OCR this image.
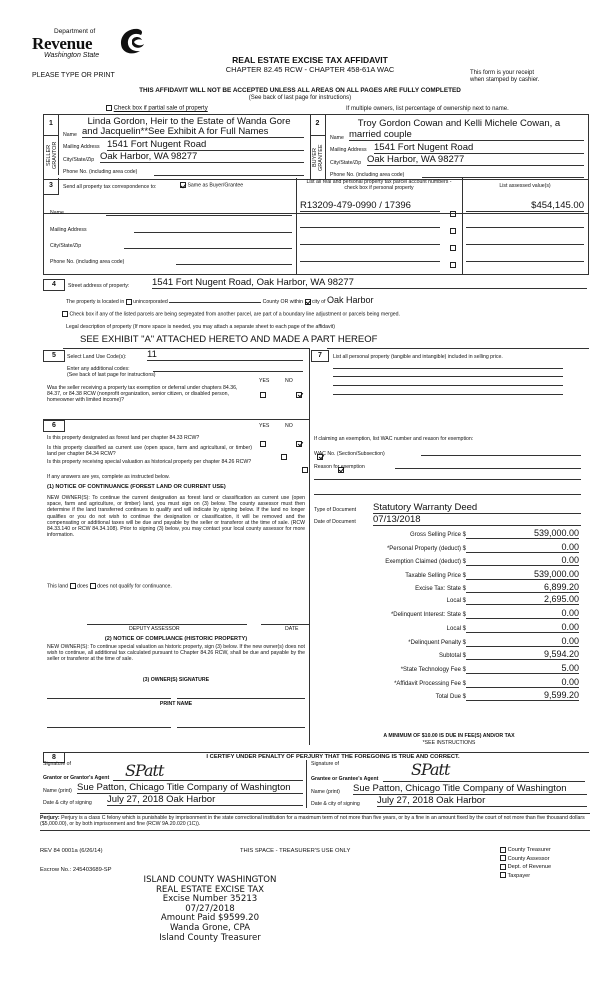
Department of
Revenue
Washington State
PLEASE TYPE OR PRINT
REAL ESTATE EXCISE TAX AFFIDAVIT
CHAPTER 82.45 RCW - CHAPTER 458-61A WAC	This form is your receipt
when stamped by cashier.
THIS AFFIDAVIT WILL NOT BE ACCEPTED UNLESS ALL AREAS ON ALL PAGES ARE FULLY COMPLETED
(See back of last page for instructions)
Check box if partial sale of property	If multiple owners, list percentage of ownership next to name.
1
SELLER GRANTOR
Linda Gordon, Heir to the Estate of Wanda Gore
Name and Jacquelin**See Exhibit A for Full Names
Mailing Address 1541 Fort Nugent Road
City/State/Zip Oak Harbor, WA 98277
Phone No. (including area code)
2
BUYER GRANTEE
Troy Gordon Cowan and Kelli Michele Cowan, a
Name married couple
Mailing Address 1541 Fort Nugent Road
City/State/Zip Oak Harbor, WA 98277
Phone No. (including area code)
3	Send all property tax correspondence to:	Same as Buyer/Grantee
Name
Mailing Address
City/State/Zip
Phone No. (including area code)
List all real and personal property tax parcel account numbers - check box if personal property	List assessed value(s)
R13209-479-0990 / 17396	$454,145.00
4	Street address of property: 1541 Fort Nugent Road, Oak Harbor, WA 98277
The property is located in unincorporated	County OR within city of Oak Harbor
Check box if any of the listed parcels are being segregated from another parcel, are part of a boundary line adjustment or parcels being merged.
Legal description of property (If more space is needed, you may attach a separate sheet to each page of the affidavit)
SEE EXHIBIT "A" ATTACHED HERETO AND MADE A PART HEREOF
5	Select Land Use Code(s): 11
Enter any additional codes:
(See back of last page for instructions)
YES	NO
Was the seller receiving a property tax exemption or deferral under chapters 84.36, 84.37, or 84.38 RCW (nonprofit organization, senior citizen, or disabled person, homeowner with limited income)?

6	YES	NO
Is this property designated as forest land per chapter 84.33 RCW?

Is this property classified as current use (open space, farm and agricultural, or timber) land per chapter 84.34 RCW?

Is this property receiving special valuation as historical property per chapter 84.26 RCW?

If any answers are yes, complete as instructed below.
(1) NOTICE OF CONTINUANCE (FOREST LAND OR CURRENT USE)
NEW OWNER(S): To continue the current designation as forest land or classification as current use (open space, farm and agriculture, or timber) land, you must sign on (3) below. The county assessor must then determine if the land transferred continues to qualify and will indicate by signing below. If the land no longer qualifies or you do not wish to continue the designation or classification, it will be removed and the compensating or additional taxes will be due and payable by the seller or transferor at the time of sale. (RCW 84.33.140 or RCW 84.34.108). Prior to signing (3) below, you may contact your local county assessor for more information.
This land does does not qualify for continuance.
DEPUTY ASSESSOR	DATE
(2) NOTICE OF COMPLIANCE (HISTORIC PROPERTY)
NEW OWNER(S): To continue special valuation as historic property, sign (3) below. If the new owner(s) does not wish to continue, all additional tax calculated pursuant to Chapter 84.26 RCW, shall be due and payable by the seller or transferor at the time of sale.
(3) OWNER(S) SIGNATURE
PRINT NAME
7	List all personal property (tangible and intangible) included in selling price.
If claiming an exemption, list WAC number and reason for exemption:
WAC No. (Section/Subsection)
Reason for exemption
Type of Document Statutory Warranty Deed
Date of Document 07/13/2018
Gross Selling Price $	539,000.00
*Personal Property (deduct) $	0.00
Exemption Claimed (deduct) $	0.00
Taxable Selling Price $	539,000.00
Excise Tax: State $	6,899.20
Local $	2,695.00
*Delinquent Interest: State $	0.00
Local $	0.00
*Delinquent Penalty $	0.00
Subtotal $	9,594.20
*State Technology Fee $	5.00
*Affidavit Processing Fee $	0.00
Total Due $	9,599.20
A MINIMUM OF $10.00 IS DUE IN FEE(S) AND/OR TAX
*SEE INSTRUCTIONS
8	I CERTIFY UNDER PENALTY OF PERJURY THAT THE FOREGOING IS TRUE AND CORRECT.
Signature of
Grantor or Grantor's Agent SPatt
Name (print) Sue Patton, Chicago Title Company of Washington
Date & city of signing July 27, 2018 Oak Harbor
Signature of
Grantee or Grantee's Agent SPatt
Name (print) Sue Patton, Chicago Title Company of Washington
Date & city of signing July 27, 2018 Oak Harbor
Perjury: Perjury is a class C felony which is punishable by imprisonment in the state correctional institution for a maximum term of not more than five years, or by a fine in an amount fixed by the court of not more than five thousand dollars ($5,000.00), or by both imprisonment and fine (RCW 9A.20.020 (1C)).
REV 84 0001a (6/26/14)	THIS SPACE - TREASURER'S USE ONLY
Escrow No.: 245403689-SP
County Treasurer
County Assessor
Dept. of Revenue
Taxpayer
ISLAND COUNTY WASHINGTON
REAL ESTATE EXCISE TAX
Excise Number 35213
07/27/2018
Amount Paid $9599.20
Wanda Grone, CPA
Island County Treasurer
